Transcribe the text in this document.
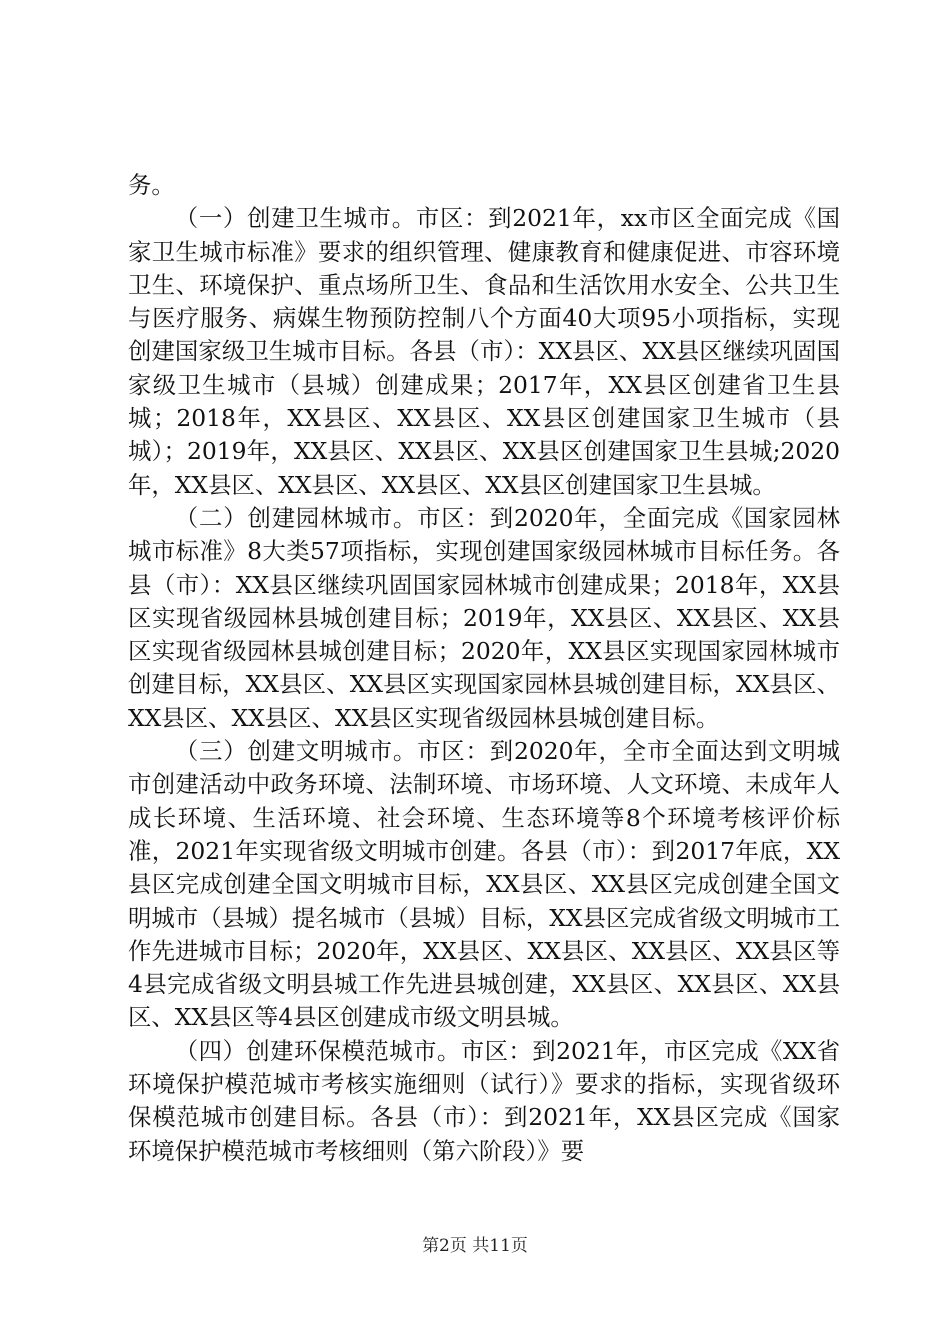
务。

（一）创建卫生城市。市区：到2021年，xx市区全面完成《国家卫生城市标准》要求的组织管理、健康教育和健康促进、市容环境卫生、环境保护、重点场所卫生、食品和生活饮用水安全、公共卫生与医疗服务、病媒生物预防控制八个方面40大项95小项指标，实现创建国家级卫生城市目标。各县（市）：XX县区、XX县区继续巩固国家级卫生城市（县城）创建成果；2017年，XX县区创建省卫生县城；2018年，XX县区、XX县区、XX县区创建国家卫生城市（县城）；2019年，XX县区、XX县区、XX县区创建国家卫生县城;2020年，XX县区、XX县区、XX县区、XX县区创建国家卫生县城。

（二）创建园林城市。市区：到2020年，全面完成《国家园林城市标准》8大类57项指标，实现创建国家级园林城市目标任务。各县（市）：XX县区继续巩固国家园林城市创建成果；2018年，XX县区实现省级园林县城创建目标；2019年，XX县区、XX县区、XX县区实现省级园林县城创建目标；2020年，XX县区实现国家园林城市创建目标，XX县区、XX县区实现国家园林县城创建目标，XX县区、XX县区、XX县区、XX县区实现省级园林县城创建目标。

（三）创建文明城市。市区：到2020年，全市全面达到文明城市创建活动中政务环境、法制环境、市场环境、人文环境、未成年人成长环境、生活环境、社会环境、生态环境等8个环境考核评价标准，2021年实现省级文明城市创建。各县（市）：到2017年底，XX县区完成创建全国文明城市目标，XX县区、XX县区完成创建全国文明城市（县城）提名城市（县城）目标，XX县区完成省级文明城市工作先进城市目标；2020年，XX县区、XX县区、XX县区、XX县区等4县完成省级文明县城工作先进县城创建，XX县区、XX县区、XX县区、XX县区等4县区创建成市级文明县城。

（四）创建环保模范城市。市区：到2021年，市区完成《XX省环境保护模范城市考核实施细则（试行）》要求的指标，实现省级环保模范城市创建目标。各县（市）：到2021年，XX县区完成《国家环境保护模范城市考核细则（第六阶段）》要

第2页 共11页
